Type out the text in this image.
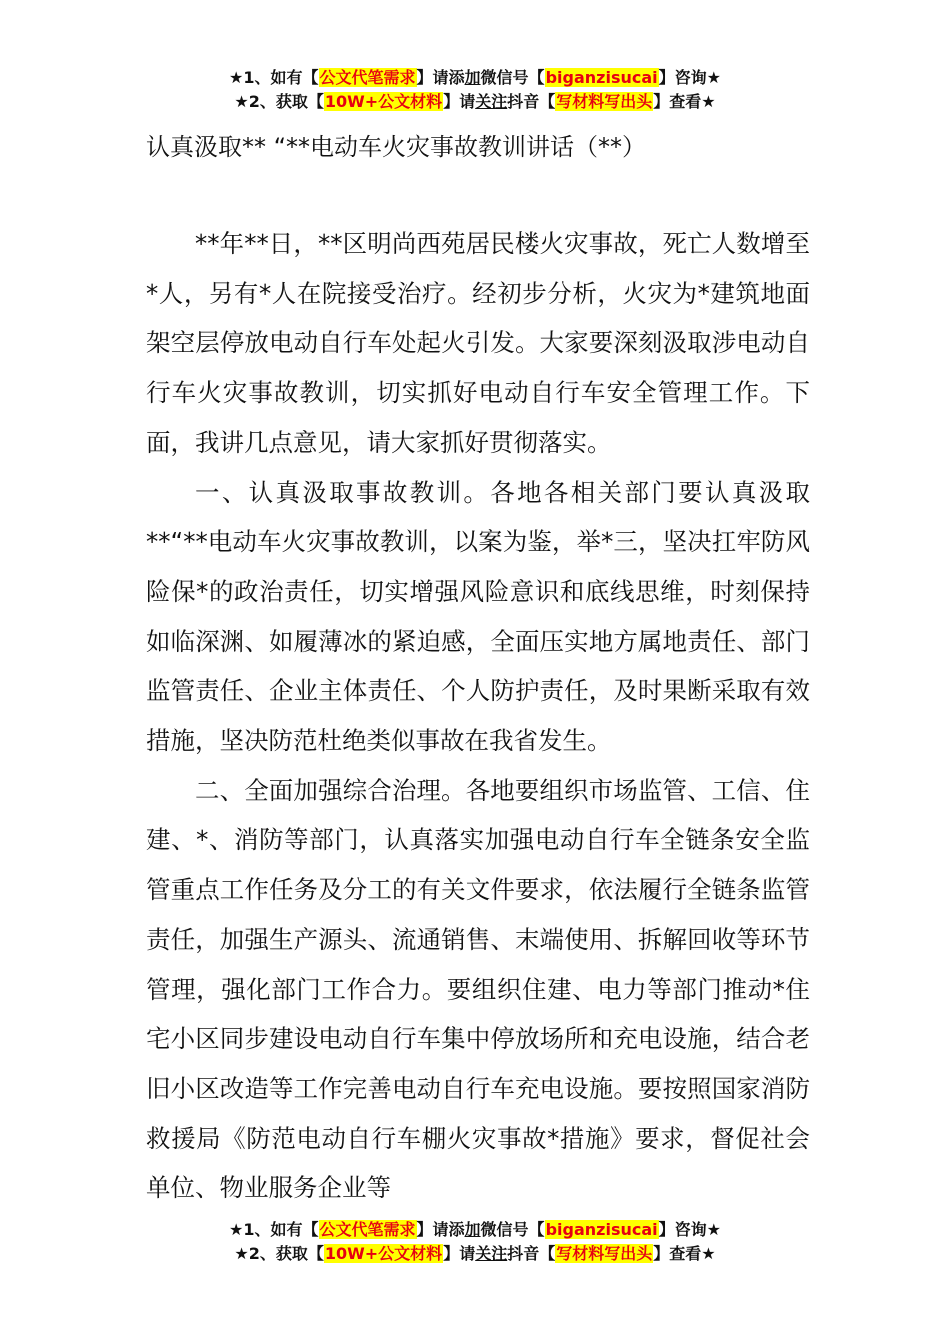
★1、如有【公文代笔需求】请添加微信号【biganzisucai】咨询★
★2、获取【10W+公文材料】请关注抖音【写材料写出头】查看★
认真汲取** “**电动车火灾事故教训讲话（**）

**年**日，**区明尚西苑居民楼火灾事故，死亡人数增至*人，另有*人在院接受治疗。经初步分析，火灾为*建筑地面架空层停放电动自行车处起火引发。大家要深刻汲取涉电动自行车火灾事故教训，切实抓好电动自行车安全管理工作。下面，我讲几点意见，请大家抓好贯彻落实。

一、认真汲取事故教训。各地各相关部门要认真汲取**“**电动车火灾事故教训，以案为鉴，举*三，坚决扛牢防风险保*的政治责任，切实增强风险意识和底线思维，时刻保持如临深渊、如履薄冰的紧迫感，全面压实地方属地责任、部门监管责任、企业主体责任、个人防护责任，及时果断采取有效措施，坚决防范杜绝类似事故在我省发生。

二、全面加强综合治理。各地要组织市场监管、工信、住建、*、消防等部门，认真落实加强电动自行车全链条安全监管重点工作任务及分工的有关文件要求，依法履行全链条监管责任，加强生产源头、流通销售、末端使用、拆解回收等环节管理，强化部门工作合力。要组织住建、电力等部门推动*住宅小区同步建设电动自行车集中停放场所和充电设施，结合老旧小区改造等工作完善电动自行车充电设施。要按照国家消防救援局《防范电动自行车棚火灾事故*措施》要求，督促社会单位、物业服务企业等

★1、如有【公文代笔需求】请添加微信号【biganzisucai】咨询★
★2、获取【10W+公文材料】请关注抖音【写材料写出头】查看★
